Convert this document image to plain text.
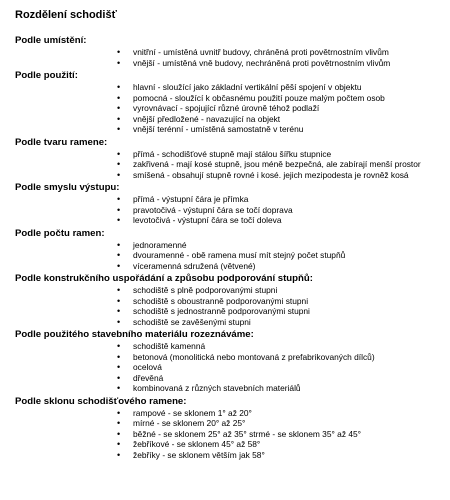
Rozdělení schodišť
Podle umístění:
• vnitřní - umístěná uvnitř budovy, chráněná proti povětrnostním vlivům
• vnější - umístěná vně budovy, nechráněná proti povětrnostním vlivům
Podle použití:
• hlavní - sloužící jako základní vertikální pěší spojení v objektu
• pomocná - sloužící k občasnému použití pouze malým počtem osob
• vyrovnávací - spojující různé úrovně téhož podlaží
• vnější předložené - navazující na objekt
• vnější terénní - umístěná samostatně v terénu
Podle tvaru ramene:
• přímá - schodišťové stupně mají stálou šířku stupnice
• zakřivená - mají kosé stupně, jsou méně bezpečná, ale zabírají menší prostor
• smíšená - obsahují stupně rovné i kosé. jejich mezipodesta je rovněž kosá
Podle smyslu výstupu:
• přímá - výstupní čára je přímka
• pravotočivá - výstupní čára se točí doprava
• levotočivá - výstupní čára se točí doleva
Podle počtu ramen:
• jednoramenné
• dvouramenné - obě ramena musí mít stejný počet stupňů
• víceramenná sdružená (větvené)
Podle konstrukčního uspořádání a způsobu podporování stupňů:
• schodiště s plně podporovanými stupni
• schodiště s oboustranně podporovanými stupni
• schodiště s jednostranně podporovanými stupni
• schodiště se zavěšenými stupni
Podle použitého stavebního materiálu rozeznáváme:
• schodiště kamenná
• betonová (monolitická nebo montovaná z prefabrikovaných dílců)
• ocelová
• dřevěná
• kombinovaná z různých stavebních materiálů
Podle sklonu schodišťového ramene:
• rampové - se sklonem 1° až 20°
• mírné - se sklonem 20° až 25°
• běžné - se sklonem 25° až 35° strmé - se sklonem 35° až 45°
• žebříkové - se sklonem 45° až 58°
• žebříky - se sklonem větším jak 58°
